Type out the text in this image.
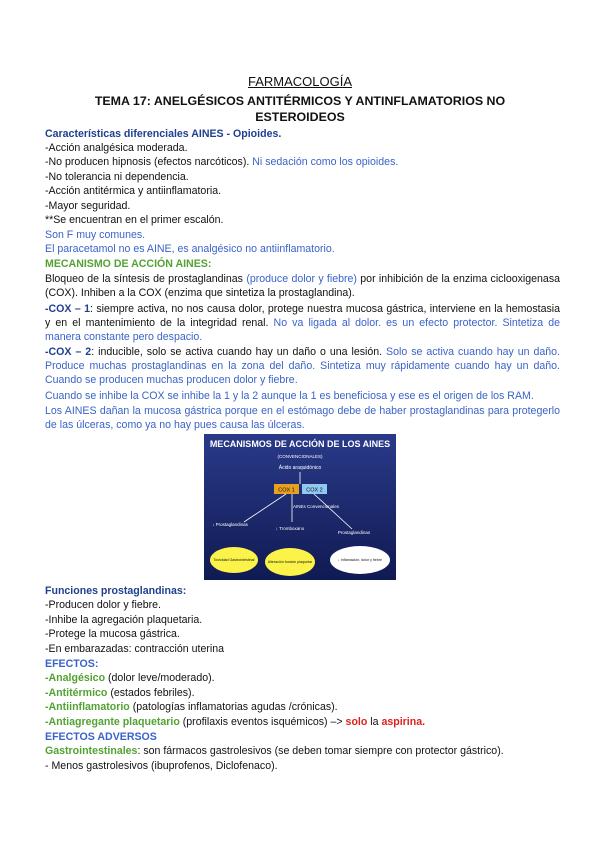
FARMACOLOGÍA
TEMA 17: ANELGÉSICOS ANTITÉRMICOS Y ANTINFLAMATORIOS NO ESTEROIDEOS
Características diferenciales AINES - Opioides.
-Acción analgésica moderada.
-No producen hipnosis (efectos narcóticos). Ni sedación como los opioides.
-No tolerancia ni dependencia.
-Acción antitérmica y antiinflamatoria.
-Mayor seguridad.
**Se encuentran en el primer escalón.
Son F muy comunes.
El paracetamol no es AINE, es analgésico no antiinflamatorio.
MECANISMO DE ACCIÓN AINES:
Bloqueo de la síntesis de prostaglandinas (produce dolor y fiebre) por inhibición de la enzima ciclooxigenasa (COX). Inhiben a la COX (enzima que sintetiza la prostaglandina).
-COX – 1: siempre activa, no nos causa dolor, protege nuestra mucosa gástrica, interviene en la hemostasia y en el mantenimiento de la integridad renal. No va ligada al dolor. es un efecto protector. Sintetiza de manera constante pero despacio.
-COX – 2: inducible, solo se activa cuando hay un daño o una lesión. Solo se activa cuando hay un daño. Produce muchas prostaglandinas en la zona del daño. Sintetiza muy rápidamente cuando hay un daño. Cuando se producen muchas producen dolor y fiebre.
Cuando se inhibe la COX se inhibe la 1 y la 2 aunque la 1 es beneficiosa y ese es el origen de los RAM.
Los AINES dañan la mucosa gástrica porque en el estómago debe de haber prostaglandinas para protegerlo de las úlceras, como ya no hay pues causa las úlceras.
MECANISMOS DE ACCIÓN DE LOS AINES
(CONVENCIONALES)
Ácido araquidónico
COX 1 COX 2
AINEs Convencionales
↓ Prostaglandinas
↓ Tromboxano
Prostaglandinas
Toxicidad Gastrointestinal	Alteración función plaquetar	↓ Inflamación, dolor y fiebre
Funciones prostaglandinas:
-Producen dolor y fiebre.
-Inhibe la agregación plaquetaria.
-Protege la mucosa gástrica.
-En embarazadas: contracción uterina
EFECTOS:
-Analgésico (dolor leve/moderado).
-Antitérmico (estados febriles).
-Antiinflamatorio (patologías inflamatorias agudas /crónicas).
-Antiagregante plaquetario (profilaxis eventos isquémicos) –> solo la aspirina.
EFECTOS ADVERSOS
Gastrointestinales: son fármacos gastrolesivos (se deben tomar siempre con protector gástrico).
- Menos gastrolesivos (ibuprofenos, Diclofenaco).
